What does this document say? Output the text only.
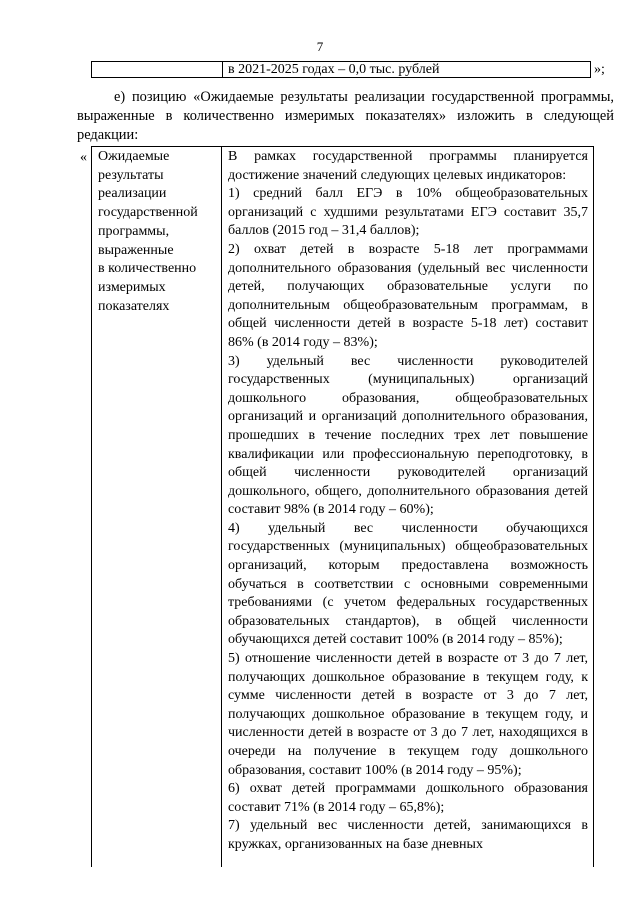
7
в 2021-2025 годах – 0,0 тыс. рублей	»;

е) позицию «Ожидаемые результаты реализации государственной программы, выраженные в количественно измеримых показателях» изложить в следующей редакции:

« Ожидаемые
результаты
реализации
государственной
программы,
выраженные
в количественно
измеримых
показателях

В рамках государственной программы планируется достижение значений следующих целевых индикаторов:

1) средний балл ЕГЭ в 10% общеобразовательных организаций с худшими результатами ЕГЭ составит 35,7 баллов (2015 год – 31,4 баллов);

2) охват детей в возрасте 5-18 лет программами дополнительного образования (удельный вес численности детей, получающих образовательные услуги по дополнительным общеобразовательным программам, в общей численности детей в возрасте 5-18 лет) составит 86% (в 2014 году – 83%);

3) удельный вес численности руководителей государственных (муниципальных) организаций дошкольного образования, общеобразовательных организаций и организаций дополнительного образования, прошедших в течение последних трех лет повышение квалификации или профессиональную переподготовку, в общей численности руководителей организаций дошкольного, общего, дополнительного образования детей составит 98% (в 2014 году – 60%);

4) удельный вес численности обучающихся государственных (муниципальных) общеобразовательных организаций, которым предоставлена возможность обучаться в соответствии с основными современными требованиями (с учетом федеральных государственных образовательных стандартов), в общей численности обучающихся детей составит 100% (в 2014 году – 85%);

5) отношение численности детей в возрасте от 3 до 7 лет, получающих дошкольное образование в текущем году, к сумме численности детей в возрасте от 3 до 7 лет, получающих дошкольное образование в текущем году, и численности детей в возрасте от 3 до 7 лет, находящихся в очереди на получение в текущем году дошкольного образования, составит 100% (в 2014 году – 95%);

6) охват детей программами дошкольного образования составит 71% (в 2014 году – 65,8%);

7) удельный вес численности детей, занимающихся в кружках, организованных на базе дневных
